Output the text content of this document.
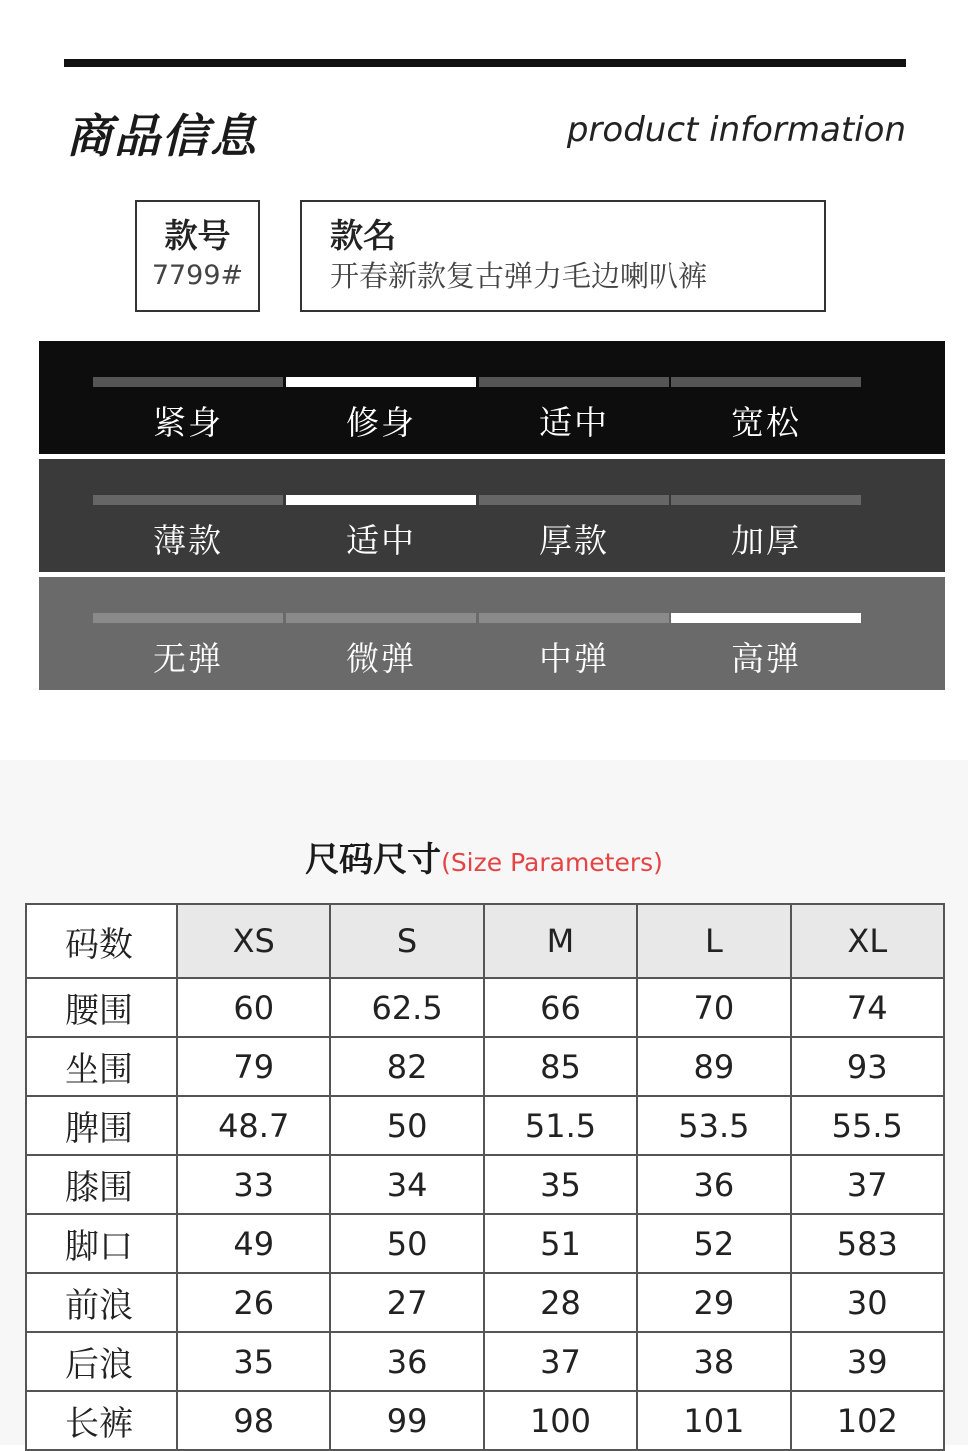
商品信息	product information
款号
7799#
款名
开春新款复古弹力毛边喇叭裤
紧身	修身	适中	宽松
薄款	适中	厚款	加厚
无弹	微弹	中弹	高弹
尺码尺寸(Size Parameters)
码数	XS	S	M	L	XL
腰围	60	62.5	66	70	74
坐围	79	82	85	89	93
脾围	48.7	50	51.5	53.5	55.5
膝围	33	34	35	36	37
脚口	49	50	51	52	583
前浪	26	27	28	29	30
后浪	35	36	37	38	39
长裤	98	99	100	101	102
